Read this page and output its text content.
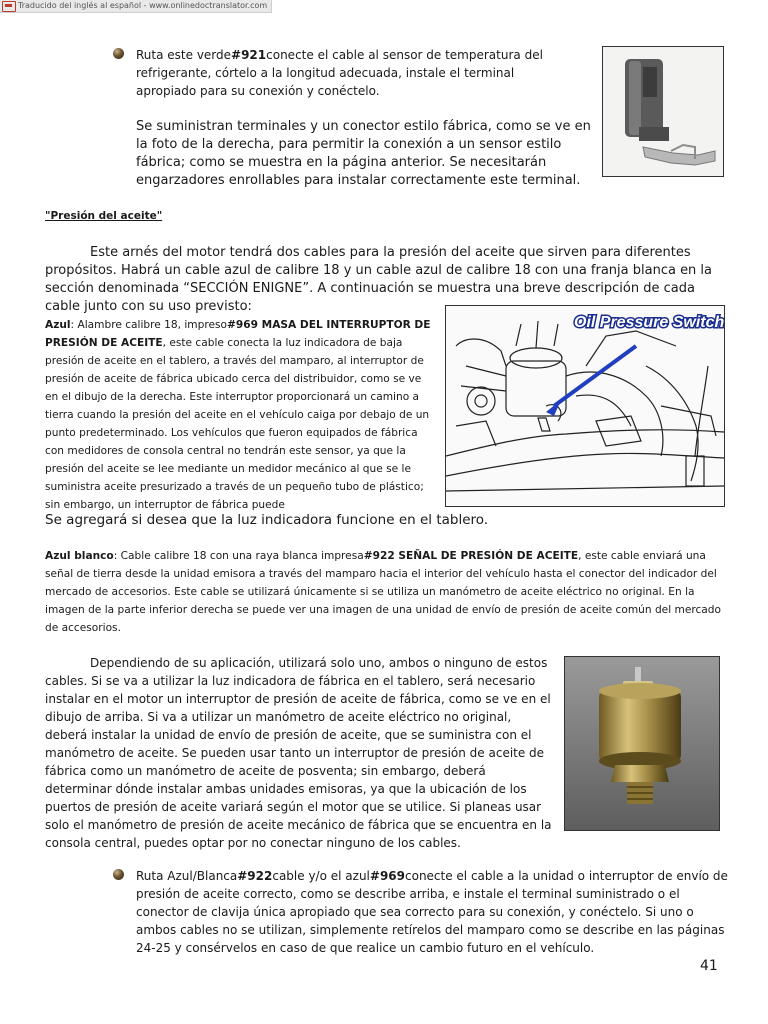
Traducido del inglés al español - www.onlinedoctranslator.com
Ruta este verde#921conecte el cable al sensor de temperatura del refrigerante, córtelo a la longitud adecuada, instale el terminal apropiado para su conexión y conéctelo.
Se suministran terminales y un conector estilo fábrica, como se ve en la foto de la derecha, para permitir la conexión a un sensor estilo fábrica; como se muestra en la página anterior. Se necesitarán engarzadores enrollables para instalar correctamente este terminal.
"Presión del aceite"
Este arnés del motor tendrá dos cables para la presión del aceite que sirven para diferentes propósitos. Habrá un cable azul de calibre 18 y un cable azul de calibre 18 con una franja blanca en la sección denominada “SECCIÓN ENIGNE”. A continuación se muestra una breve descripción de cada cable junto con su uso previsto:
Azul: Alambre calibre 18, impreso#969 MASA DEL INTERRUPTOR DE PRESIÓN DE ACEITE, este cable conecta la luz indicadora de baja presión de aceite en el tablero, a través del mamparo, al interruptor de presión de aceite de fábrica ubicado cerca del distribuidor, como se ve en el dibujo de la derecha. Este interruptor proporcionará un camino a tierra cuando la presión del aceite en el vehículo caiga por debajo de un punto predeterminado. Los vehículos que fueron equipados de fábrica con medidores de consola central no tendrán este sensor, ya que la presión del aceite se lee mediante un medidor mecánico al que se le suministra aceite presurizado a través de un pequeño tubo de plástico; sin embargo, un interruptor de fábrica puede
Oil Pressure Switch
Se agregará si desea que la luz indicadora funcione en el tablero.
Azul blanco: Cable calibre 18 con una raya blanca impresa#922 SEÑAL DE PRESIÓN DE ACEITE, este cable enviará una señal de tierra desde la unidad emisora a través del mamparo hacia el interior del vehículo hasta el conector del indicador del mercado de accesorios. Este cable se utilizará únicamente si se utiliza un manómetro de aceite eléctrico no original. En la imagen de la parte inferior derecha se puede ver una imagen de una unidad de envío de presión de aceite común del mercado de accesorios.
Dependiendo de su aplicación, utilizará solo uno, ambos o ninguno de estos cables. Si se va a utilizar la luz indicadora de fábrica en el tablero, será necesario instalar en el motor un interruptor de presión de aceite de fábrica, como se ve en el dibujo de arriba. Si va a utilizar un manómetro de aceite eléctrico no original, deberá instalar la unidad de envío de presión de aceite, que se suministra con el manómetro de aceite. Se pueden usar tanto un interruptor de presión de aceite de fábrica como un manómetro de aceite de posventa; sin embargo, deberá determinar dónde instalar ambas unidades emisoras, ya que la ubicación de los puertos de presión de aceite variará según el motor que se utilice. Si planeas usar solo el manómetro de presión de aceite mecánico de fábrica que se encuentra en la consola central, puedes optar por no conectar ninguno de los cables.
Ruta Azul/Blanca#922cable y/o el azul#969conecte el cable a la unidad o interruptor de envío de presión de aceite correcto, como se describe arriba, e instale el terminal suministrado o el conector de clavija única apropiado que sea correcto para su conexión, y conéctelo. Si uno o ambos cables no se utilizan, simplemente retírelos del mamparo como se describe en las páginas 24-25 y consérvelos en caso de que realice un cambio futuro en el vehículo.
41
